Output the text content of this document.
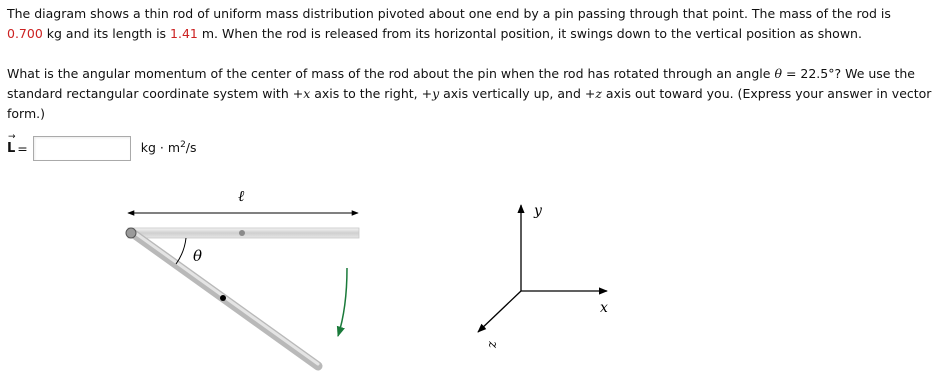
The diagram shows a thin rod of uniform mass distribution pivoted about one end by a pin passing through that point. The mass of the rod is
0.700 kg and its length is 1.41 m. When the rod is released from its horizontal position, it swings down to the vertical position as shown.

What is the angular momentum of the center of mass of the rod about the pin when the rod has rotated through an angle θ = 22.5°? We use the standard rectangular coordinate system with +x axis to the right, +y axis vertically up, and +z axis out toward you. (Express your answer in vector form.)

→
L =	kg · $m^2/s$
ℓ
θ
y
x
z
